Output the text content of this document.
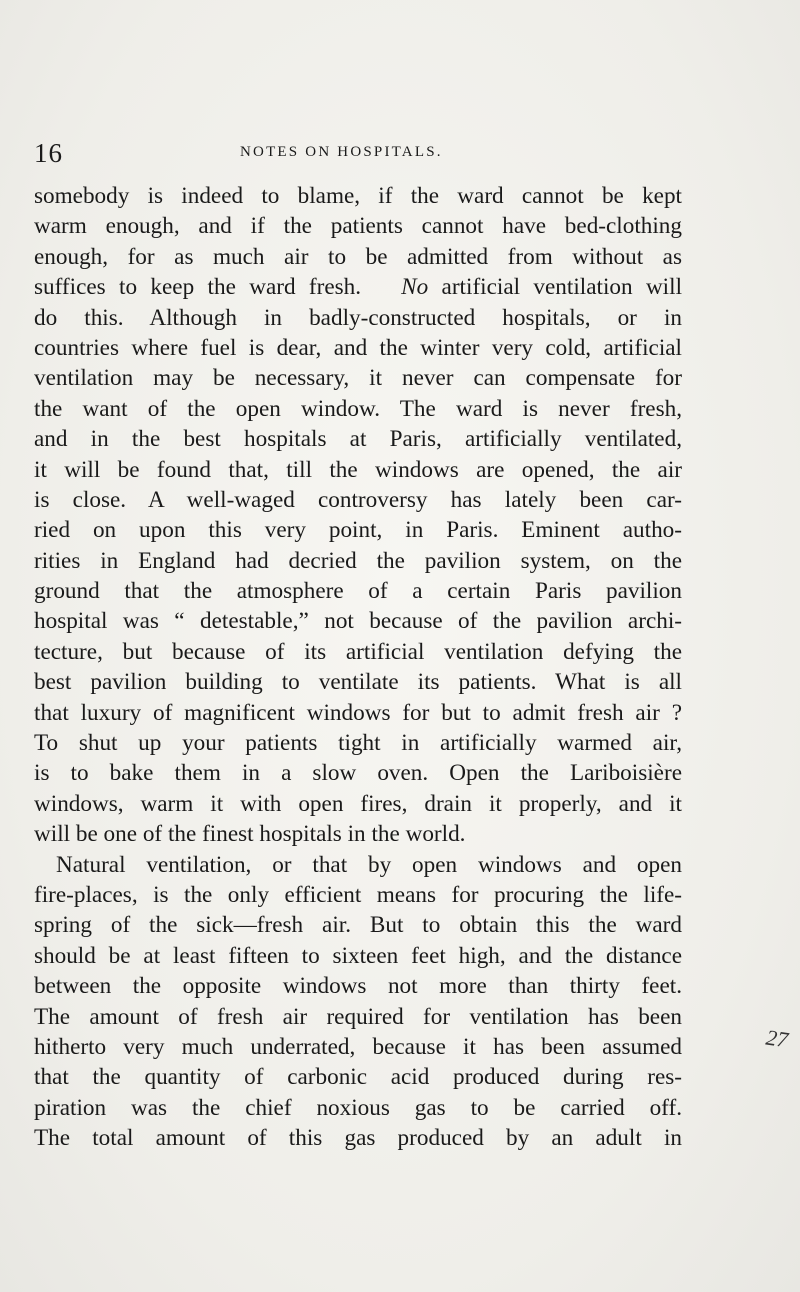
16	NOTES ON HOSPITALS.
somebody is indeed to blame, if the ward cannot be kept
warm enough, and if the patients cannot have bed-clothing
enough, for as much air to be admitted from without as
suffices to keep the ward fresh. No artificial ventilation will
do this. Although in badly-constructed hospitals, or in
countries where fuel is dear, and the winter very cold, artificial
ventilation may be necessary, it never can compensate for
the want of the open window. The ward is never fresh,
and in the best hospitals at Paris, artificially ventilated,
it will be found that, till the windows are opened, the air
is close. A well-waged controversy has lately been car-
ried on upon this very point, in Paris. Eminent autho-
rities in England had decried the pavilion system, on the
ground that the atmosphere of a certain Paris pavilion
hospital was “ detestable,” not because of the pavilion archi-
tecture, but because of its artificial ventilation defying the
best pavilion building to ventilate its patients. What is all
that luxury of magnificent windows for but to admit fresh air ?
To shut up your patients tight in artificially warmed air,
is to bake them in a slow oven. Open the Lariboisière
windows, warm it with open fires, drain it properly, and it
will be one of the finest hospitals in the world.
Natural ventilation, or that by open windows and open
fire-places, is the only efficient means for procuring the life-
spring of the sick—fresh air. But to obtain this the ward
should be at least fifteen to sixteen feet high, and the distance
between the opposite windows not more than thirty feet.
The amount of fresh air required for ventilation has been
hitherto very much underrated, because it has been assumed
that the quantity of carbonic acid produced during res-
piration was the chief noxious gas to be carried off.
The total amount of this gas produced by an adult in
27
